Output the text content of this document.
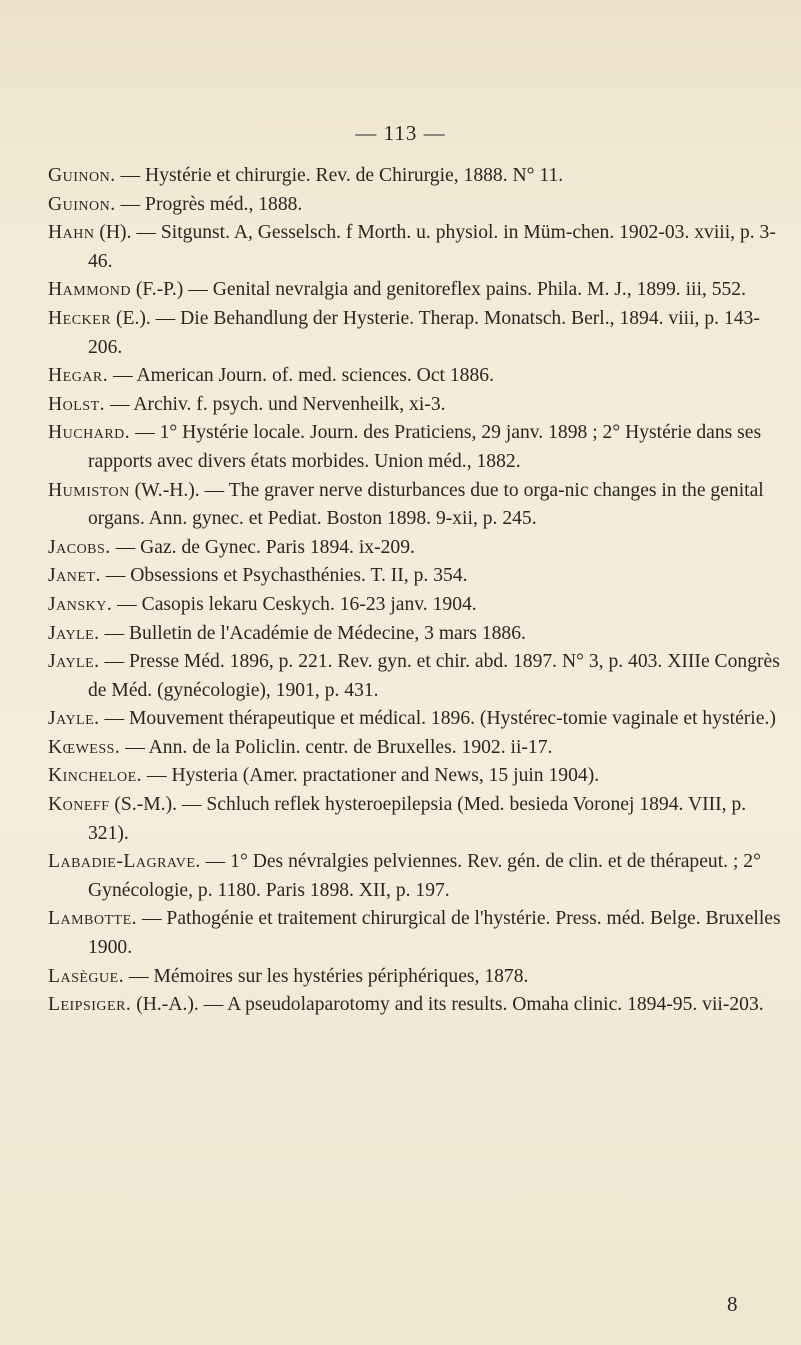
— 113 —

Guinon. — Hystérie et chirurgie. Rev. de Chirurgie, 1888. N° 11.

Guinon. — Progrès méd., 1888.

Hahn (H). — Sitgunst. A, Gesselsch. f Morth. u. physiol. in Müm-chen. 1902-03. xviii, p. 3-46.

Hammond (F.-P.) — Genital nevralgia and genitoreflex pains. Phila. M. J., 1899. iii, 552.

Hecker (E.). — Die Behandlung der Hysterie. Therap. Monatsch. Berl., 1894. viii, p. 143-206.

Hegar. — American Journ. of. med. sciences. Oct 1886.

Holst. — Archiv. f. psych. und Nervenheilk, xi-3.

Huchard. — 1° Hystérie locale. Journ. des Praticiens, 29 janv. 1898 ; 2° Hystérie dans ses rapports avec divers états morbides. Union méd., 1882.

Humiston (W.-H.). — The graver nerve disturbances due to orga-nic changes in the genital organs. Ann. gynec. et Pediat. Boston 1898. 9-xii, p. 245.

Jacobs. — Gaz. de Gynec. Paris 1894. ix-209.

Janet. — Obsessions et Psychasthénies. T. II, p. 354.

Jansky. — Casopis lekaru Ceskych. 16-23 janv. 1904.

Jayle. — Bulletin de l'Académie de Médecine, 3 mars 1886.

Jayle. — Presse Méd. 1896, p. 221. Rev. gyn. et chir. abd. 1897. N° 3, p. 403. XIIIe Congrès de Méd. (gynécologie), 1901, p. 431.

Jayle. — Mouvement thérapeutique et médical. 1896. (Hystérec-tomie vaginale et hystérie.)

Kœwess. — Ann. de la Policlin. centr. de Bruxelles. 1902. ii-17.

Kincheloe. — Hysteria (Amer. practationer and News, 15 juin 1904).

Koneff (S.-M.). — Schluch reflek hysteroepilepsia (Med. besieda Voronej 1894. VIII, p. 321).

Labadie-Lagrave. — 1° Des névralgies pelviennes. Rev. gén. de clin. et de thérapeut. ; 2° Gynécologie, p. 1180. Paris 1898. XII, p. 197.

Lambotte. — Pathogénie et traitement chirurgical de l'hystérie. Press. méd. Belge. Bruxelles 1900.

Lasègue. — Mémoires sur les hystéries périphériques, 1878.

Leipsiger. (H.-A.). — A pseudolaparotomy and its results. Omaha clinic. 1894-95. vii-203.

8
